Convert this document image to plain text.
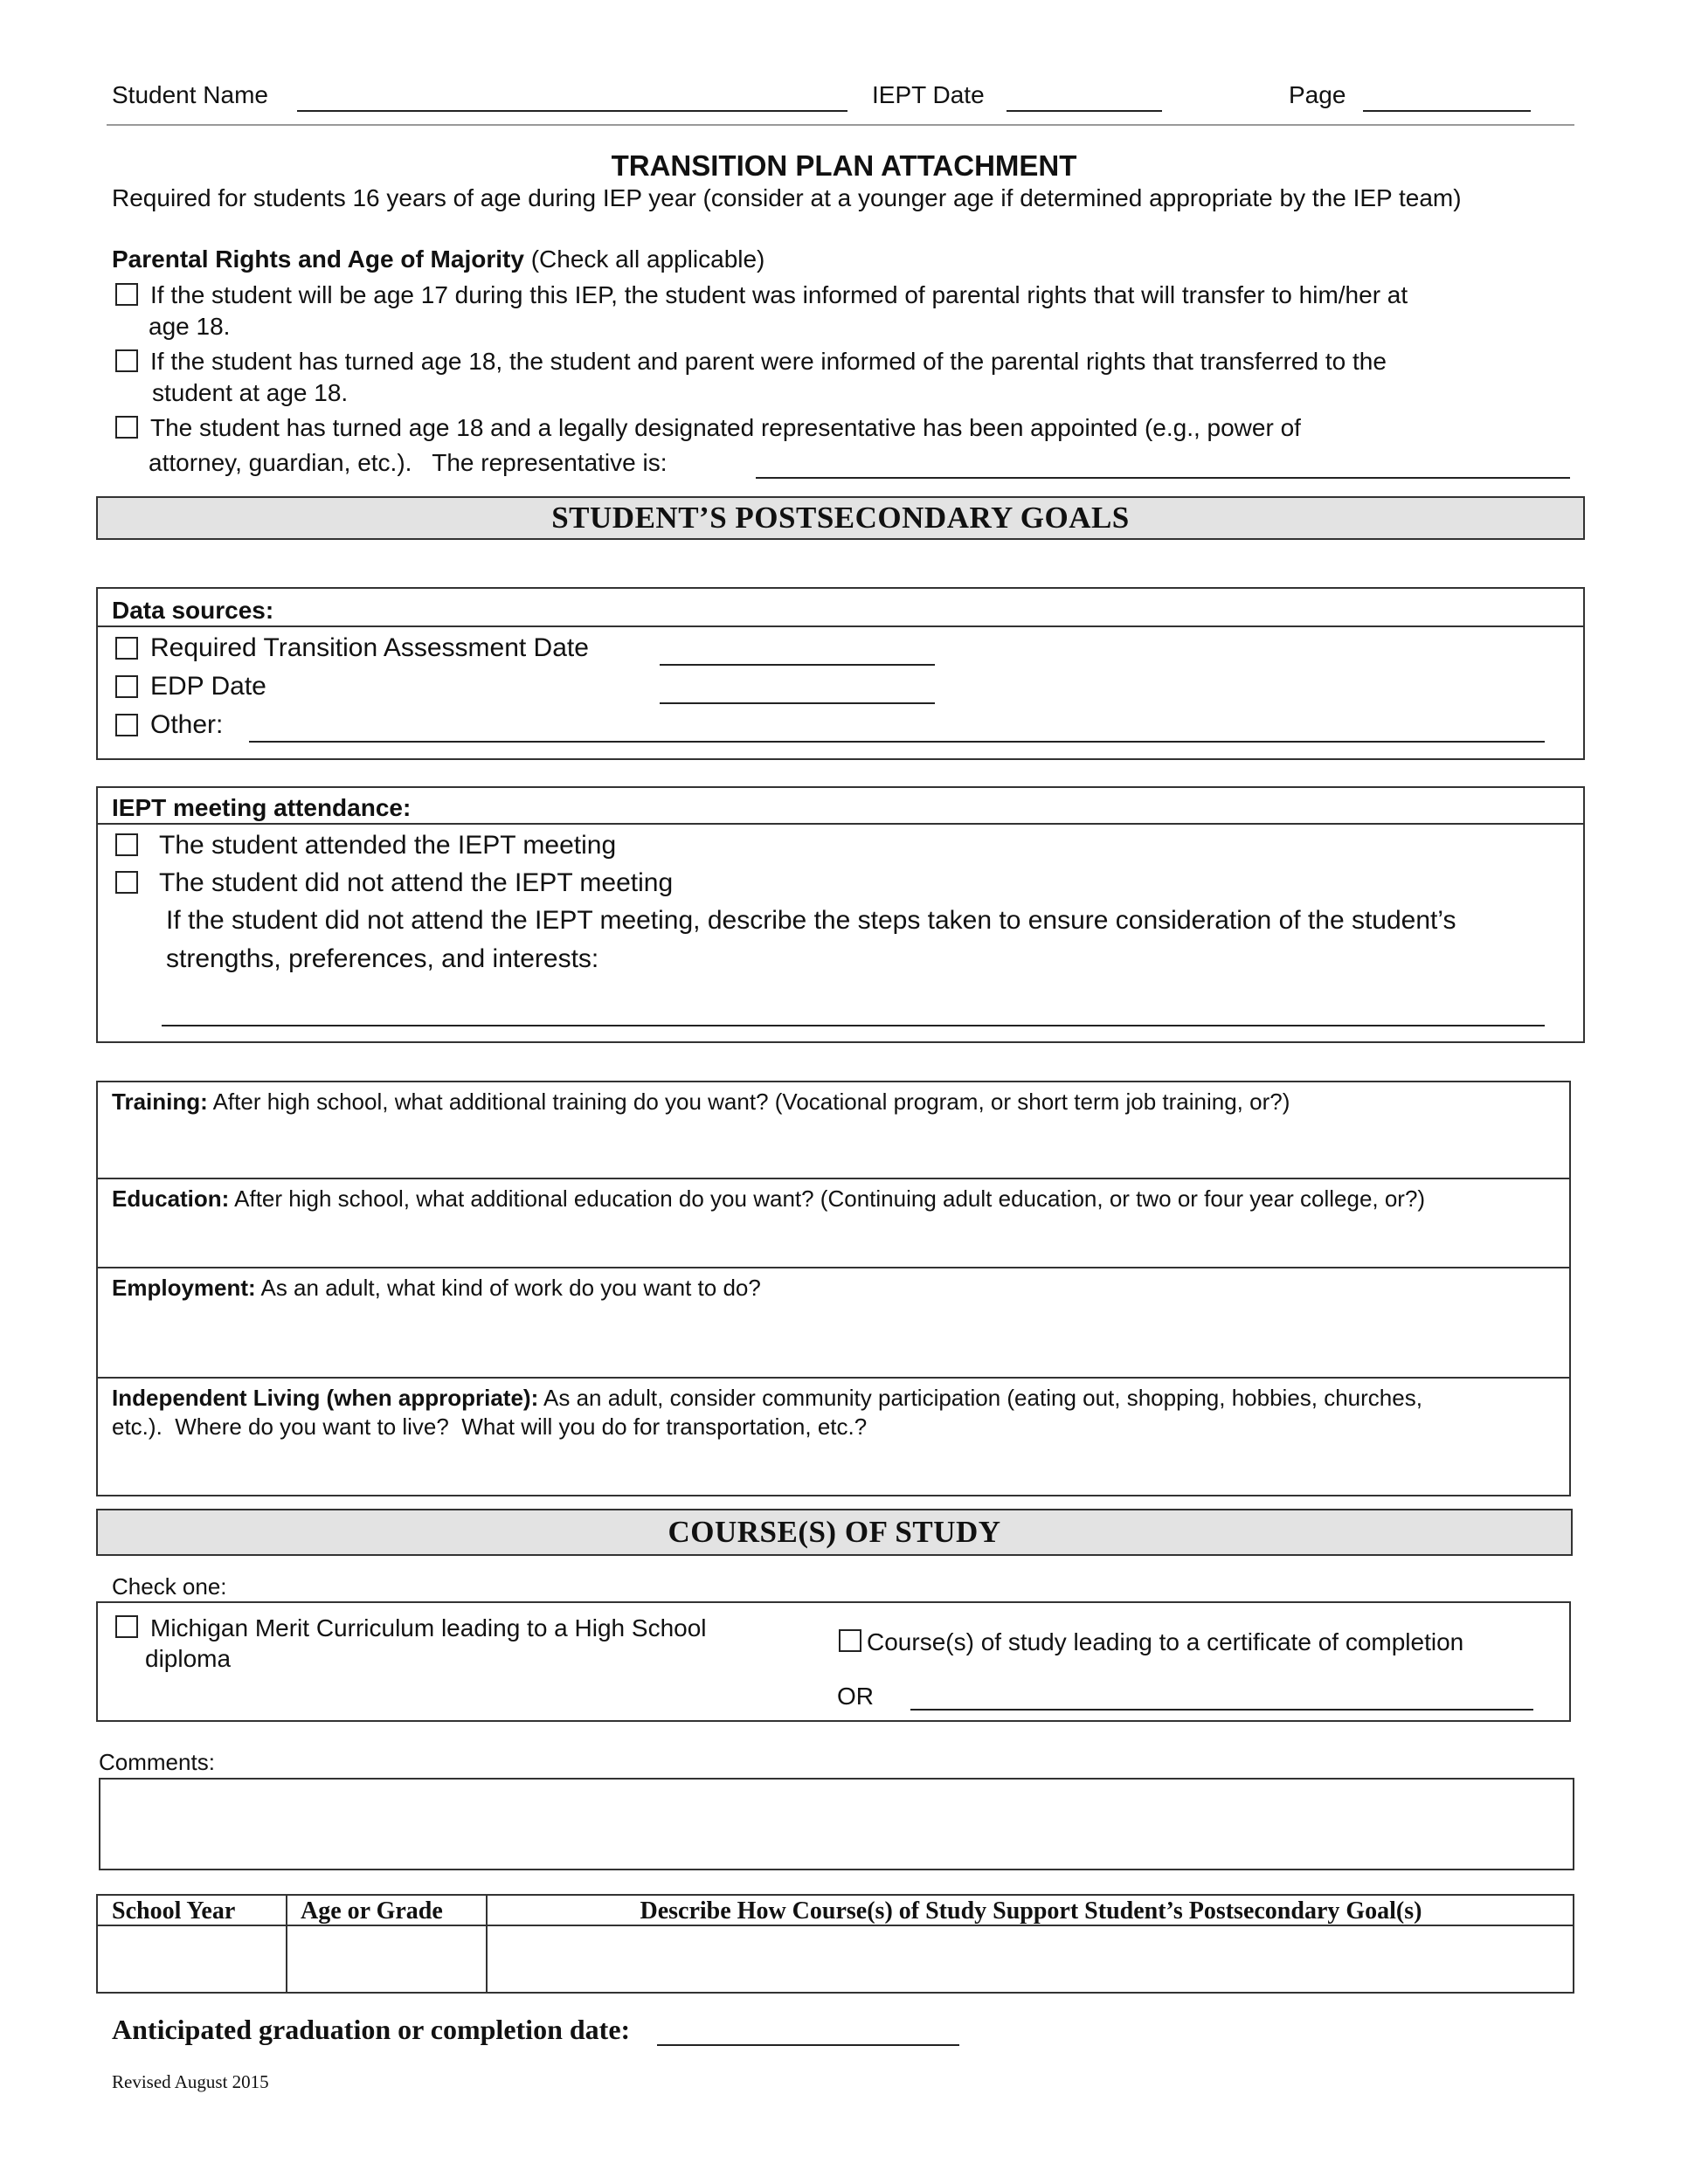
Student Name	IEPT Date	Page
TRANSITION PLAN ATTACHMENT
Required for students 16 years of age during IEP year (consider at a younger age if determined appropriate by the IEP team)
Parental Rights and Age of Majority (Check all applicable)
If the student will be age 17 during this IEP, the student was informed of parental rights that will transfer to him/her at
age 18.
If the student has turned age 18, the student and parent were informed of the parental rights that transferred to the
student at age 18.
The student has turned age 18 and a legally designated representative has been appointed (e.g., power of
attorney, guardian, etc.).   The representative is:
STUDENT’S POSTSECONDARY GOALS
Data sources:
Required Transition Assessment Date
EDP Date
Other:
IEPT meeting attendance:
The student attended the IEPT meeting
The student did not attend the IEPT meeting
If the student did not attend the IEPT meeting, describe the steps taken to ensure consideration of the student’s
strengths, preferences, and interests:
Training: After high school, what additional training do you want? (Vocational program, or short term job training, or?)
Education: After high school, what additional education do you want? (Continuing adult education, or two or four year college, or?)
Employment: As an adult, what kind of work do you want to do?
Independent Living (when appropriate): As an adult, consider community participation (eating out, shopping, hobbies, churches,
etc.).  Where do you want to live?  What will you do for transportation, etc.?
COURSE(S) OF STUDY
Check one:
Michigan Merit Curriculum leading to a High School
diploma
Course(s) of study leading to a certificate of completion
OR
Comments:
School Year	Age or Grade	Describe How Course(s) of Study Support Student’s Postsecondary Goal(s)
Anticipated graduation or completion date:
Revised August 2015
